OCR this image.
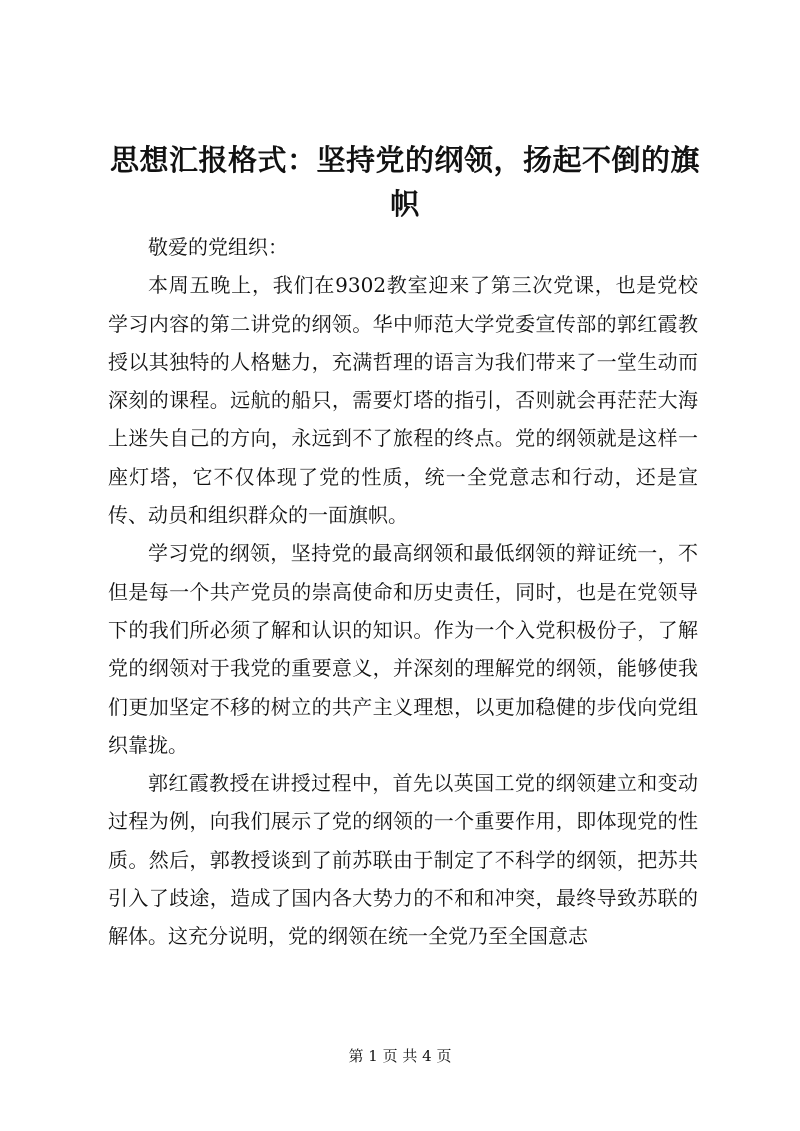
思想汇报格式：坚持党的纲领，扬起不倒的旗帜
敬爱的党组织：

本周五晚上，我们在9302教室迎来了第三次党课，也是党校学习内容的第二讲党的纲领。华中师范大学党委宣传部的郭红霞教授以其独特的人格魅力，充满哲理的语言为我们带来了一堂生动而深刻的课程。远航的船只，需要灯塔的指引，否则就会再茫茫大海上迷失自己的方向，永远到不了旅程的终点。党的纲领就是这样一座灯塔，它不仅体现了党的性质，统一全党意志和行动，还是宣传、动员和组织群众的一面旗帜。

学习党的纲领，坚持党的最高纲领和最低纲领的辩证统一，不但是每一个共产党员的崇高使命和历史责任，同时，也是在党领导下的我们所必须了解和认识的知识。作为一个入党积极份子，了解党的纲领对于我党的重要意义，并深刻的理解党的纲领，能够使我们更加坚定不移的树立的共产主义理想，以更加稳健的步伐向党组织靠拢。

郭红霞教授在讲授过程中，首先以英国工党的纲领建立和变动过程为例，向我们展示了党的纲领的一个重要作用，即体现党的性质。然后，郭教授谈到了前苏联由于制定了不科学的纲领，把苏共引入了歧途，造成了国内各大势力的不和和冲突，最终导致苏联的解体。这充分说明，党的纲领在统一全党乃至全国意志

第 1 页 共 4 页
